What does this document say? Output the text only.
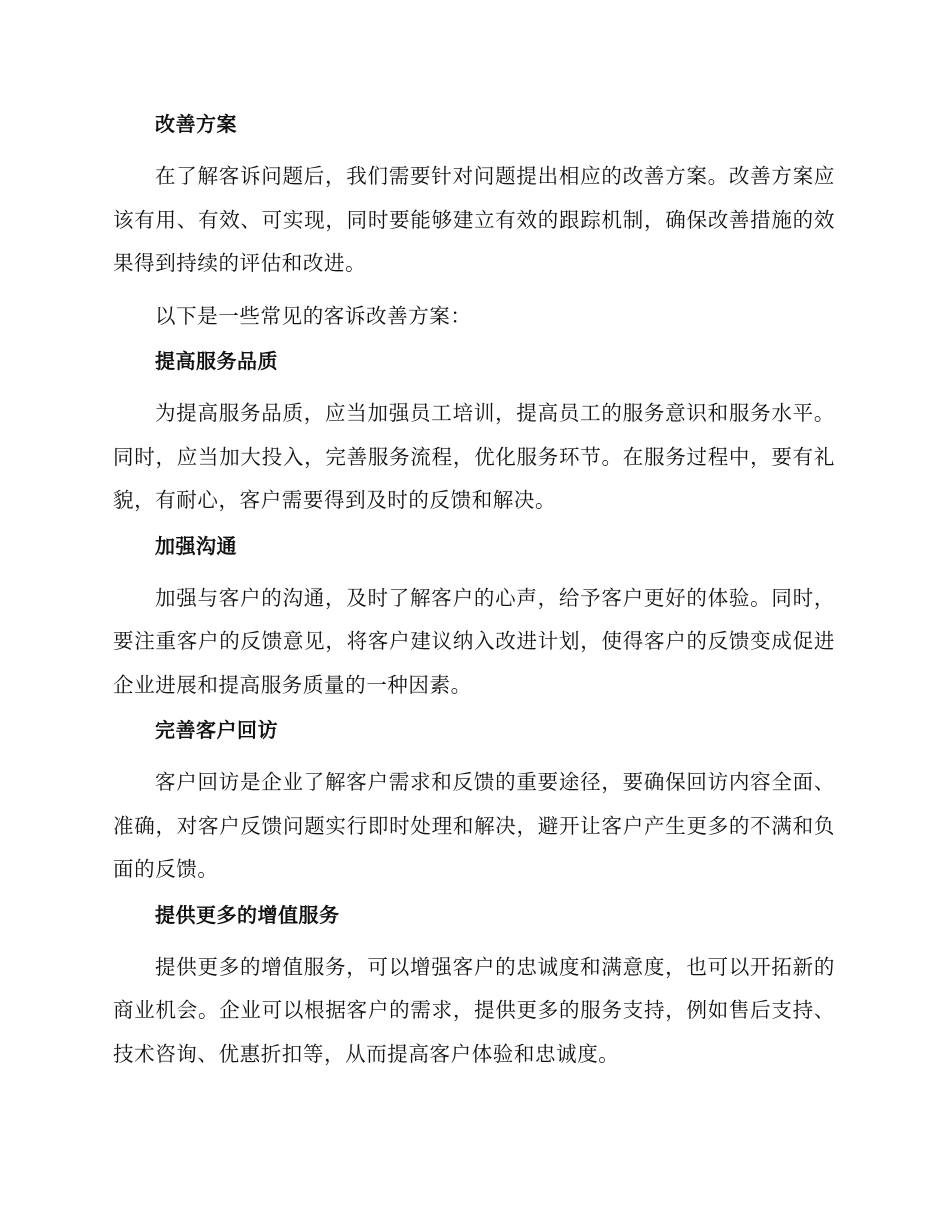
改善方案

在了解客诉问题后，我们需要针对问题提出相应的改善方案。改善方案应该有用、有效、可实现，同时要能够建立有效的跟踪机制，确保改善措施的效果得到持续的评估和改进。

以下是一些常见的客诉改善方案：

提高服务品质

为提高服务品质，应当加强员工培训，提高员工的服务意识和服务水平。同时，应当加大投入，完善服务流程，优化服务环节。在服务过程中，要有礼貌，有耐心，客户需要得到及时的反馈和解决。

加强沟通

加强与客户的沟通，及时了解客户的心声，给予客户更好的体验。同时，要注重客户的反馈意见，将客户建议纳入改进计划，使得客户的反馈变成促进企业进展和提高服务质量的一种因素。

完善客户回访

客户回访是企业了解客户需求和反馈的重要途径，要确保回访内容全面、准确，对客户反馈问题实行即时处理和解决，避开让客户产生更多的不满和负面的反馈。

提供更多的增值服务

提供更多的增值服务，可以增强客户的忠诚度和满意度，也可以开拓新的商业机会。企业可以根据客户的需求，提供更多的服务支持，例如售后支持、技术咨询、优惠折扣等，从而提高客户体验和忠诚度。
